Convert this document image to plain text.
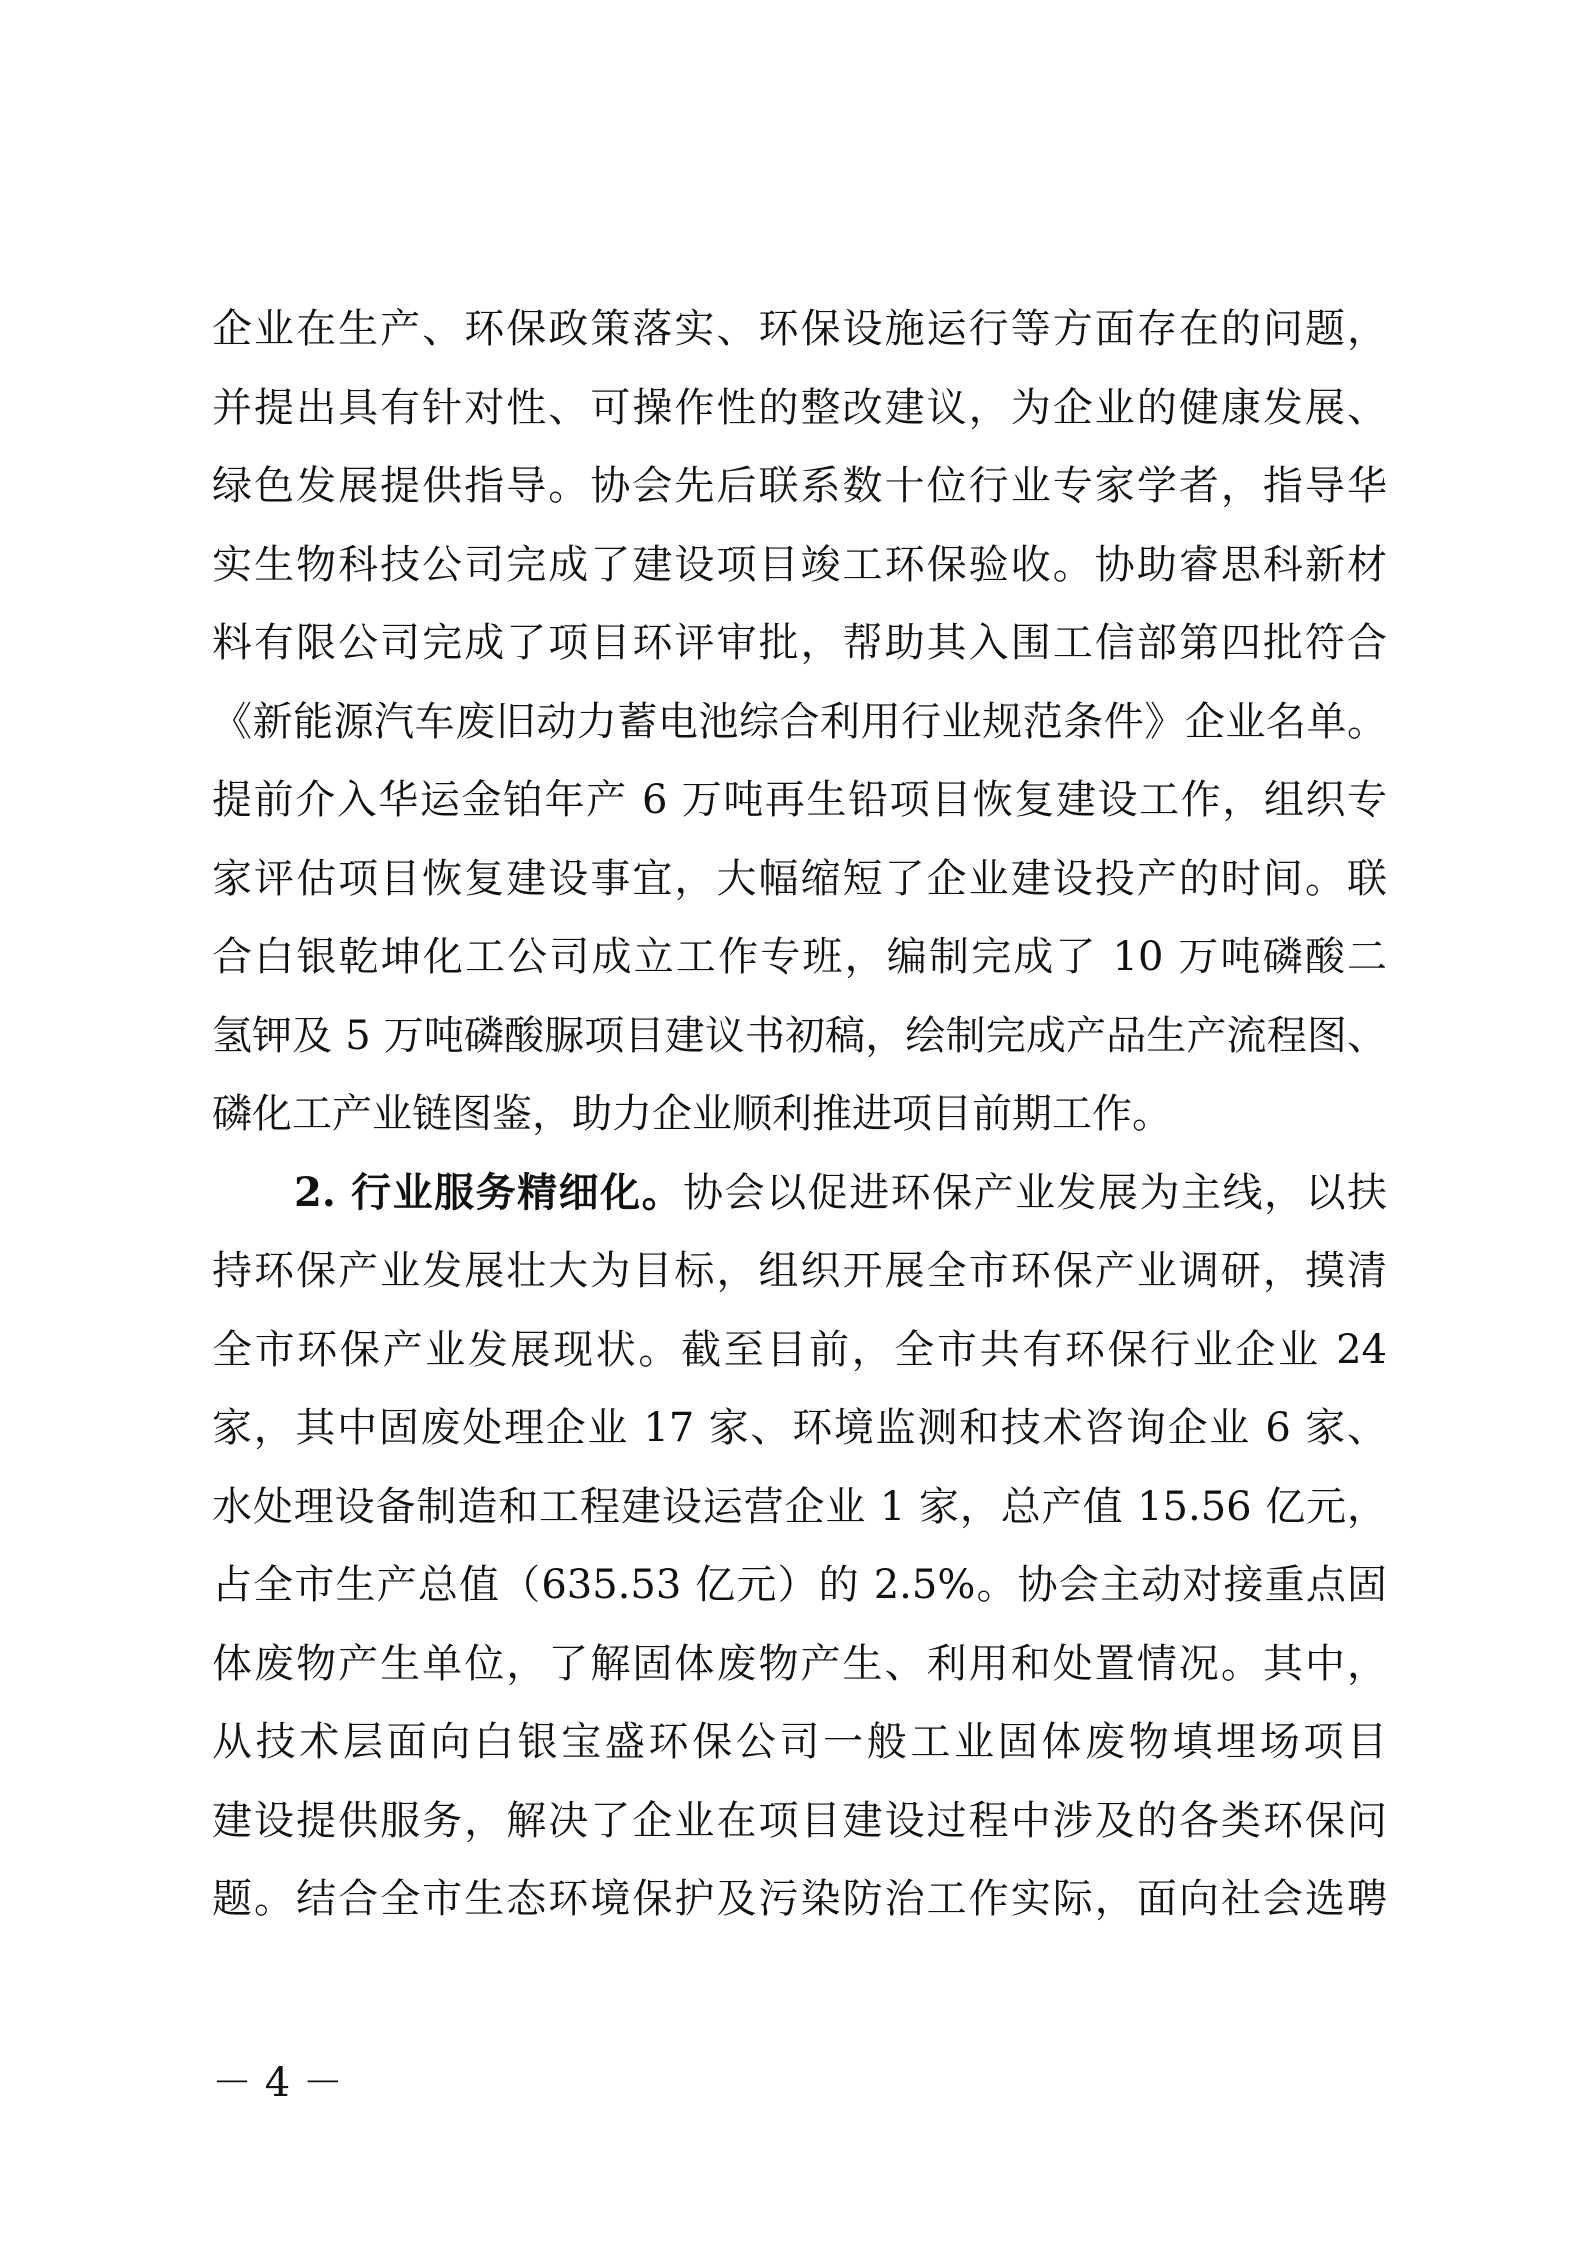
企业在生产、环保政策落实、环保设施运行等方面存在的问题，
并提出具有针对性、可操作性的整改建议，为企业的健康发展、
绿色发展提供指导。协会先后联系数十位行业专家学者，指导华
实生物科技公司完成了建设项目竣工环保验收。协助睿思科新材
料有限公司完成了项目环评审批，帮助其入围工信部第四批符合
《新能源汽车废旧动力蓄电池综合利用行业规范条件》企业名单。
提前介入华运金铂年产 6 万吨再生铅项目恢复建设工作，组织专
家评估项目恢复建设事宜，大幅缩短了企业建设投产的时间。联
合白银乾坤化工公司成立工作专班，编制完成了 10 万吨磷酸二
氢钾及 5 万吨磷酸脲项目建议书初稿，绘制完成产品生产流程图、
磷化工产业链图鉴，助力企业顺利推进项目前期工作。
2. 行业服务精细化。协会以促进环保产业发展为主线，以扶
持环保产业发展壮大为目标，组织开展全市环保产业调研，摸清
全市环保产业发展现状。截至目前，全市共有环保行业企业 24
家，其中固废处理企业 17 家、环境监测和技术咨询企业 6 家、
水处理设备制造和工程建设运营企业 1 家，总产值 15.56 亿元，
占全市生产总值（635.53 亿元）的 2.5%。协会主动对接重点固
体废物产生单位，了解固体废物产生、利用和处置情况。其中，
从技术层面向白银宝盛环保公司一般工业固体废物填埋场项目
建设提供服务，解决了企业在项目建设过程中涉及的各类环保问
题。结合全市生态环境保护及污染防治工作实际，面向社会选聘
－ 4 －
